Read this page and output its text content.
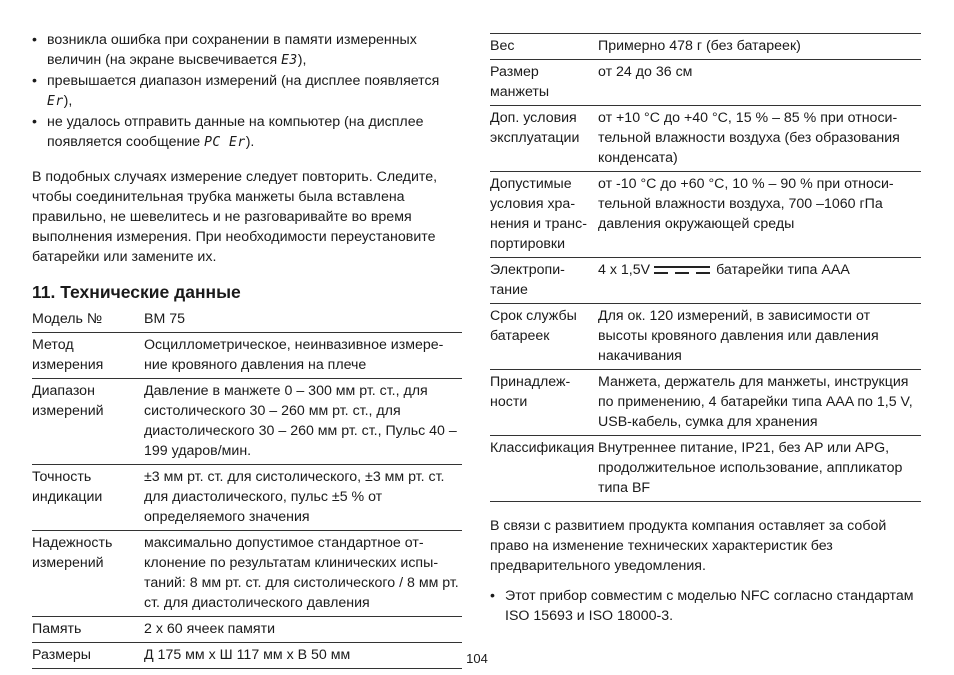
• возникла ошибка при сохранении в памяти измеренных величин (на экране высвечивается E3),
• превышается диапазон измерений (на дисплее появляется Er),
• не удалось отправить данные на компьютер (на дисплее появляется сообщение PC Er).

В подобных случаях измерение следует повторить. Следите, чтобы соединительная трубка манжеты была вставлена правильно, не шевелитесь и не разговаривайте во время выполнения измерения. При необходимости переустановите батарейки или замените их.

11. Технические данные
Модель №	BM 75
Метод измерения	Осциллометрическое, неинвазивное измерение кровяного давления на плече
Диапазон измерений	Давление в манжете 0 – 300 мм рт. ст., для систолического 30 – 260 мм рт. ст., для диастолического 30 – 260 мм рт. ст., Пульс 40 –199 ударов/мин.
Точность индикации	±3 мм рт. ст. для систолического, ±3 мм рт. ст. для диастолического, пульс ±5 % от определяемого значения
Надежность измерений	максимально допустимое стандартное отклонение по результатам клинических испытаний: 8 мм рт. ст. для систолического / 8 мм рт. ст. для диастолического давления
Память	2 х 60 ячеек памяти
Размеры	Д 175 мм х Ш 117 мм х В 50 мм
Вес	Примерно 478 г (без батареек)
Размер манжеты	от 24 до 36 см
Доп. условия эксплуатации	от +10 °C до +40 °C, 15 % – 85 % при относительной влажности воздуха (без образования конденсата)
Допустимые условия хранения и транспортировки	от -10 °C до +60 °C, 10 % – 90 % при относительной влажности воздуха, 700 –1060 гПа давления окружающей среды
Электропитание	4 x 1,5V батарейки типа AAA
Срок службы батареек	Для ок. 120 измерений, в зависимости от высоты кровяного давления или давления накачивания
Принадлежности	Манжета, держатель для манжеты, инструкция по применению, 4 батарейки типа AAA по 1,5 V, USB-кабель, сумка для хранения
Классификация	Внутреннее питание, IP21, без AP или APG, продолжительное использование, аппликатор типа BF

В связи с развитием продукта компания оставляет за собой право на изменение технических характеристик без предварительного уведомления.

• Этот прибор совместим с моделью NFC согласно стандартам ISO 15693 и ISO 18000-3.
104
